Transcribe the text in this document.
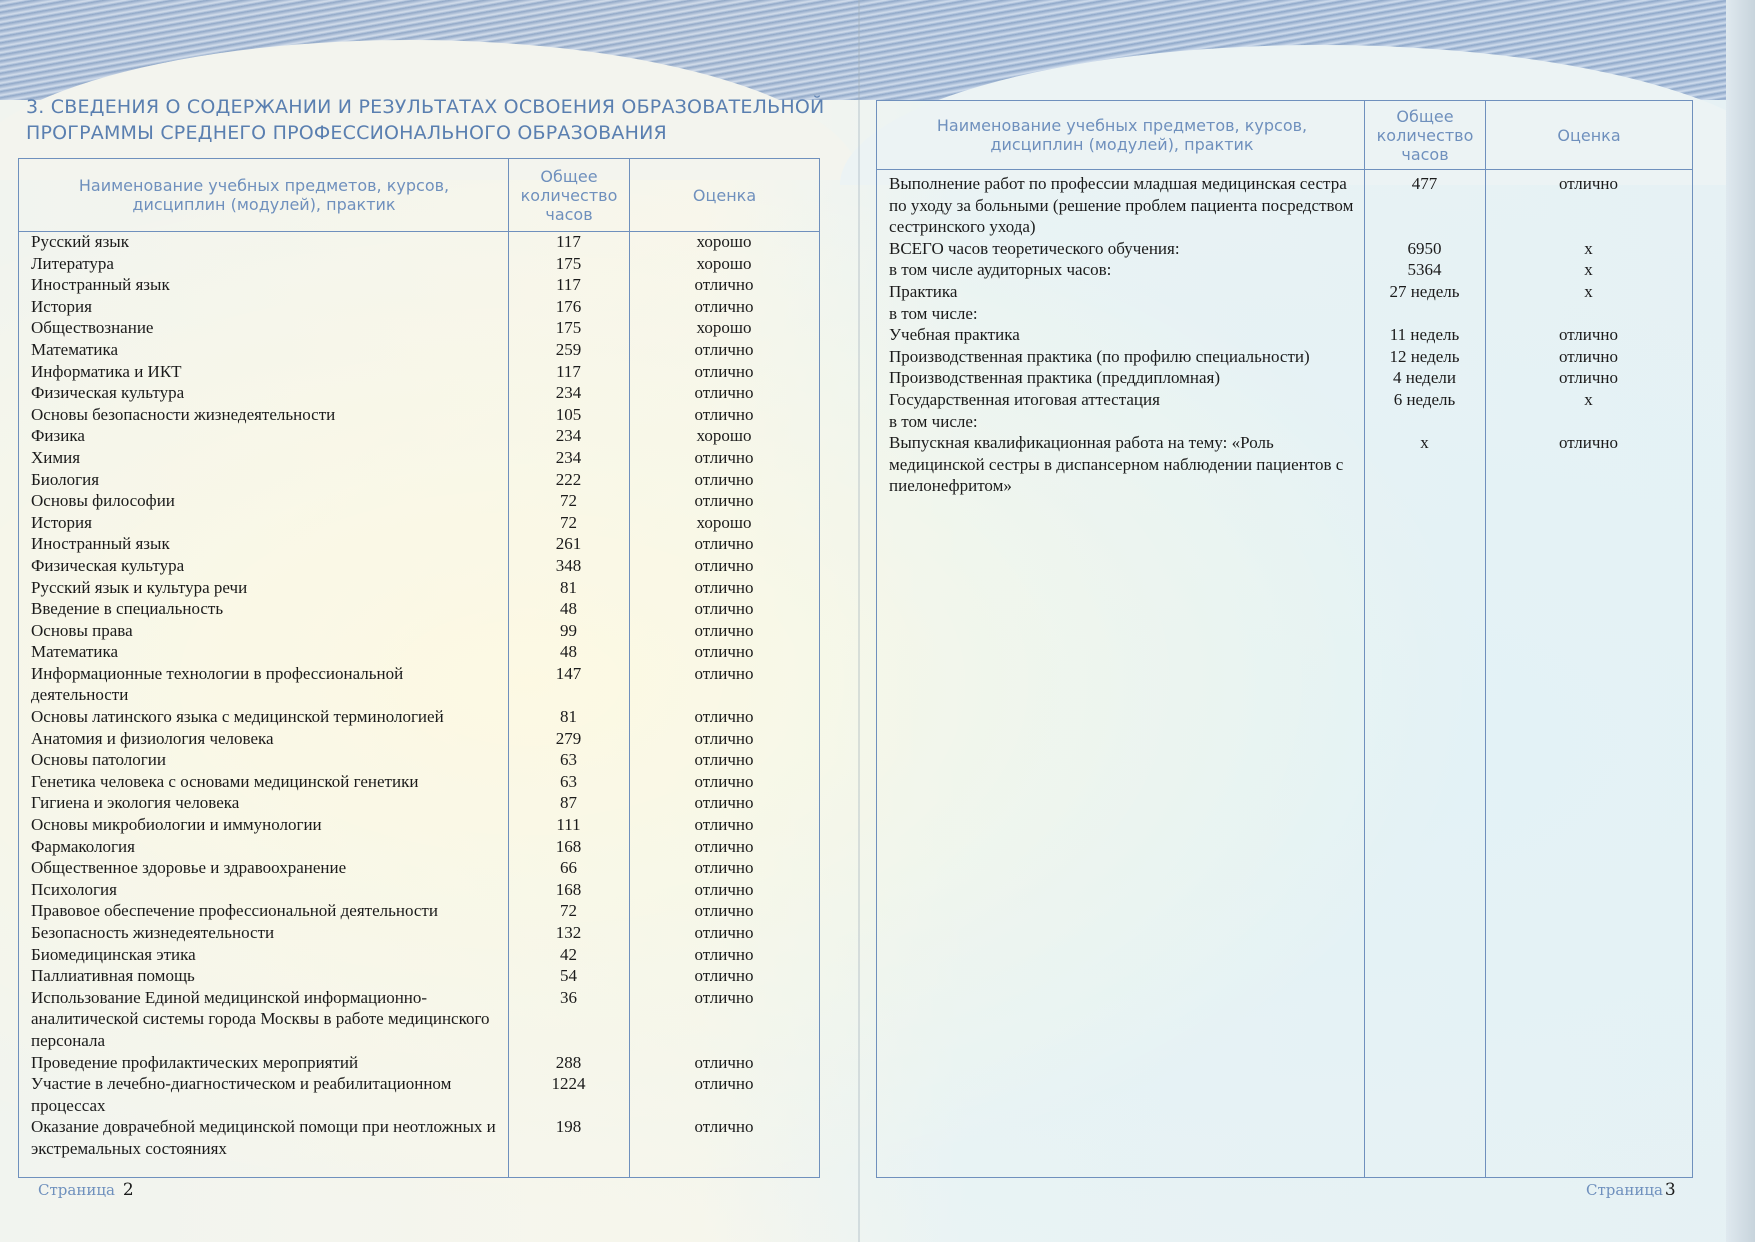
3. СВЕДЕНИЯ О СОДЕРЖАНИИ И РЕЗУЛЬТАТАХ ОСВОЕНИЯ ОБРАЗОВАТЕЛЬНОЙ ПРОГРАММЫ СРЕДНЕГО ПРОФЕССИОНАЛЬНОГО ОБРАЗОВАНИЯ
Наименование учебных предметов, курсов, дисциплин (модулей), практик
Общее количество часов
Оценка
Русский язык	117	хорошо
Литература	175	хорошо
Иностранный язык	117	отлично
История	176	отлично
Обществознание	175	хорошо
Математика	259	отлично
Информатика и ИКТ	117	отлично
Физическая культура	234	отлично
Основы безопасности жизнедеятельности	105	отлично
Физика	234	хорошо
Химия	234	отлично
Биология	222	отлично
Основы философии	72	отлично
История	72	хорошо
Иностранный язык	261	отлично
Физическая культура	348	отлично
Русский язык и культура речи	81	отлично
Введение в специальность	48	отлично
Основы права	99	отлично
Математика	48	отлично
Информационные технологии в профессиональной деятельности
147	отлично
Основы латинского языка с медицинской терминологией	81	отлично
Анатомия и физиология человека	279	отлично
Основы патологии	63	отлично
Генетика человека с основами медицинской генетики	63	отлично
Гигиена и экология человека	87	отлично
Основы микробиологии и иммунологии	111	отлично
Фармакология	168	отлично
Общественное здоровье и здравоохранение	66	отлично
Психология	168	отлично
Правовое обеспечение профессиональной деятельности	72	отлично
Безопасность жизнедеятельности	132	отлично
Биомедицинская этика	42	отлично
Паллиативная помощь	54	отлично
Использование Единой медицинской информационно-аналитической системы города Москвы в работе медицинского персонала
36	отлично
Проведение профилактических мероприятий	288	отлично
Участие в лечебно-диагностическом и реабилитационном процессах
1224	отлично
Оказание доврачебной медицинской помощи при неотложных и экстремальных состояниях
198	отлично
Наименование учебных предметов, курсов, дисциплин (модулей), практик
Общее количество часов
Оценка
Выполнение работ по профессии младшая медицинская сестра по уходу за больными (решение проблем пациента посредством сестринского ухода)
477	отлично
ВСЕГО часов теоретического обучения:	6950	х
в том числе аудиторных часов:	5364	х
Практика	27 недель	х
в том числе:
Учебная практика	11 недель	отлично
Производственная практика (по профилю специальности)	12 недель	отлично
Производственная практика (преддипломная)	4 недели	отлично
Государственная итоговая аттестация	6 недель	х
в том числе:
Выпускная квалификационная работа на тему: «Роль медицинской сестры в диспансерном наблюдении пациентов с пиелонефритом»
х	отлично
Страница 2	Страница 3
